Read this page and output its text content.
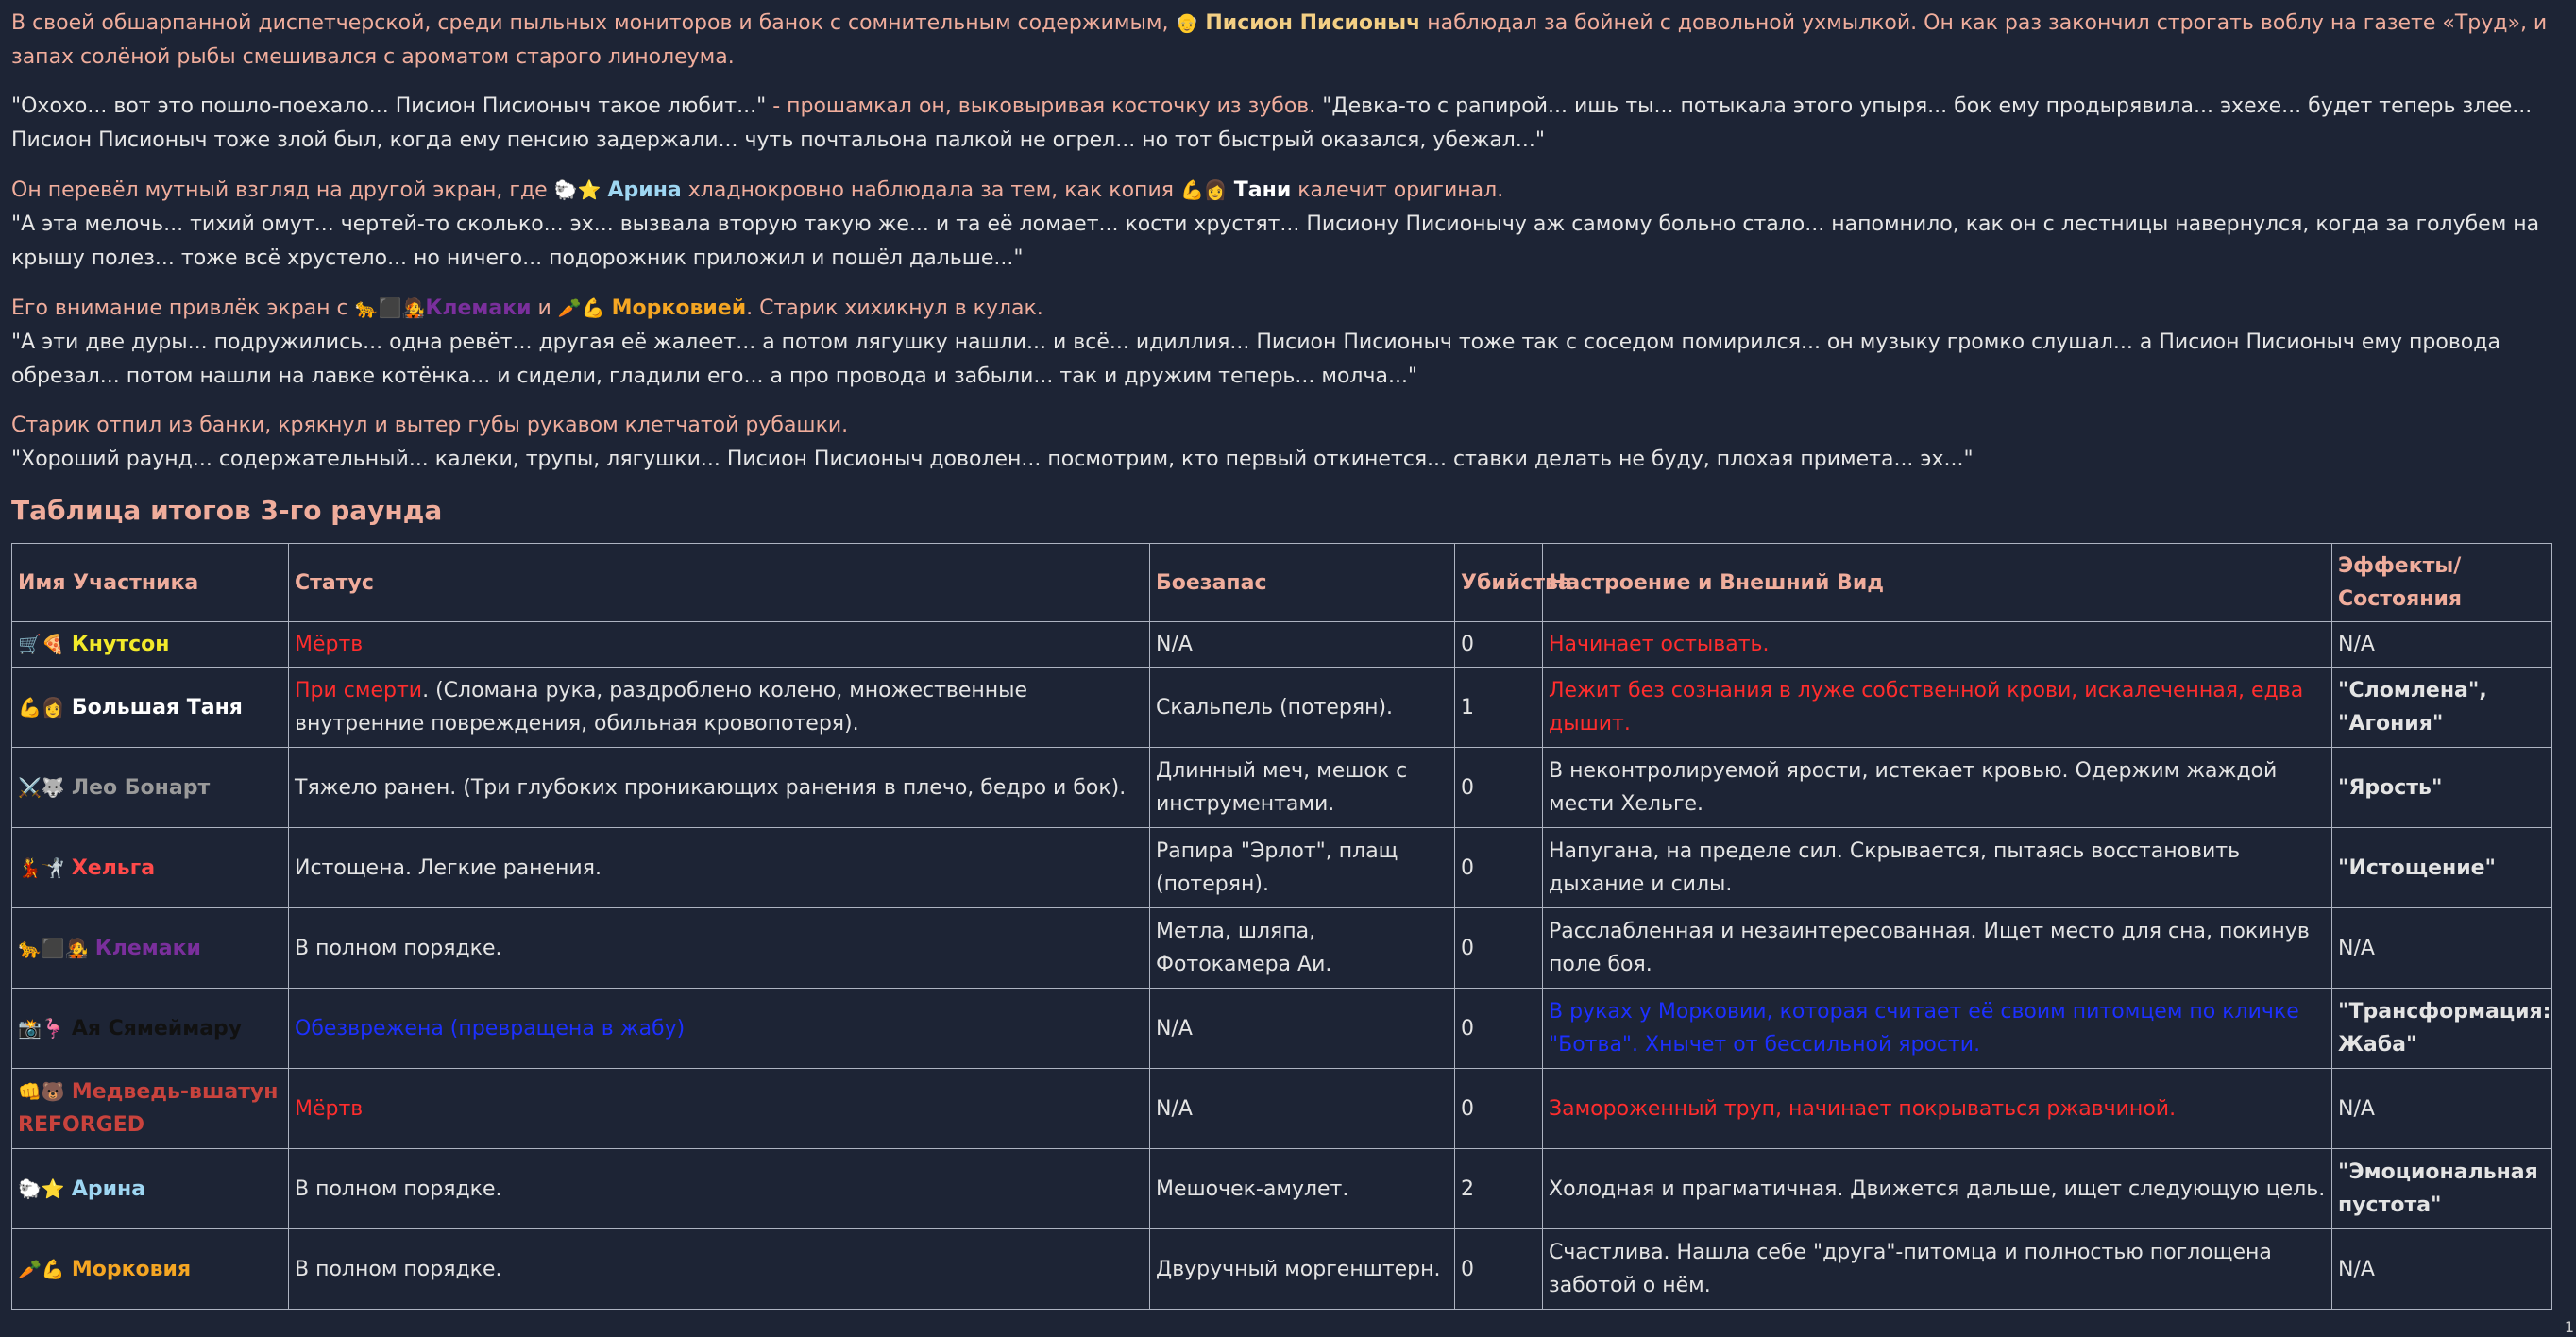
В своей обшарпанной диспетчерской, среди пыльных мониторов и банок с сомнительным содержимым, 👴 Писион Писионыч наблюдал за бойней с довольной ухмылкой. Он как раз закончил строгать воблу на газете «Труд», и запах солёной рыбы смешивался с ароматом старого линолеума.

"Охохо... вот это пошло-поехало... Писион Писионыч такое любит..." - прошамкал он, выковыривая косточку из зубов. "Девка-то с рапирой... ишь ты... потыкала этого упыря... бок ему продырявила... эхехе... будет теперь злее... Писион Писионыч тоже злой был, когда ему пенсию задержали... чуть почтальона палкой не огрел... но тот быстрый оказался, убежал..."

Он перевёл мутный взгляд на другой экран, где 🐑⭐ Арина хладнокровно наблюдала за тем, как копия 💪👩 Тани калечит оригинал.
"А эта мелочь... тихий омут... чертей-то сколько... эх... вызвала вторую такую же... и та её ломает... кости хрустят... Писиону Писионычу аж самому больно стало... напомнило, как он с лестницы навернулся, когда за голубем на крышу полез... тоже всё хрустело... но ничего... подорожник приложил и пошёл дальше..."

Его внимание привлёк экран с 🐆⬛🧑‍🎤Клемаки и 🥕💪 Морковией. Старик хихикнул в кулак.
"А эти две дуры... подружились... одна ревёт... другая её жалеет... а потом лягушку нашли... и всё... идиллия... Писион Писионыч тоже так с соседом помирился... он музыку громко слушал... а Писион Писионыч ему провода обрезал... потом нашли на лавке котёнка... и сидели, гладили его... а про провода и забыли... так и дружим теперь... молча..."

Старик отпил из банки, крякнул и вытер губы рукавом клетчатой рубашки.
"Хороший раунд... содержательный... калеки, трупы, лягушки... Писион Писионыч доволен... посмотрим, кто первый откинется... ставки делать не буду, плохая примета... эх..."

Таблица итогов 3-го раунда
Имя Участника	Статус	Боезапас	Убийства	Настроение и Внешний Вид	Эффекты/Состояния
🛒🍕 Кнутсон	Мёртв	N/A	0	Начинает остывать.	N/A
💪👩 Большая Таня	При смерти. (Сломана рука, раздроблено колено, множественные внутренние повреждения, обильная кровопотеря).	Скальпель (потерян).	1	Лежит без сознания в луже собственной крови, искалеченная, едва дышит.	"Сломлена", "Агония"
⚔️🐺 Лео Бонарт	Тяжело ранен. (Три глубоких проникающих ранения в плечо, бедро и бок).	Длинный меч, мешок с инструментами.	0	В неконтролируемой ярости, истекает кровью. Одержим жаждой мести Хельге.	"Ярость"
💃🤺 Хельга	Истощена. Легкие ранения.	Рапира "Эрлот", плащ (потерян).	0	Напугана, на пределе сил. Скрывается, пытаясь восстановить дыхание и силы.	"Истощение"
🐆⬛🧑‍🎤 Клемаки	В полном порядке.	Метла, шляпа, Фотокамера Аи.	0	Расслабленная и незаинтересованная. Ищет место для сна, покинув поле боя.	N/A
📸🦩 Ая Сямеймару	Обезврежена (превращена в жабу)	N/A	0	В руках у Морковии, которая считает её своим питомцем по кличке "Ботва". Хнычет от бессильной ярости.	"Трансформация: Жаба"
👊🐻 Медведь-вшатун REFORGED	Мёртв	N/A	0	Замороженный труп, начинает покрываться ржавчиной.	N/A
🐑⭐ Арина	В полном порядке.	Мешочек-амулет.	2	Холодная и прагматичная. Движется дальше, ищет следующую цель.	"Эмоциональная пустота"
🥕💪 Морковия	В полном порядке.	Двуручный моргенштерн.	0	Счастлива. Нашла себе "друга"-питомца и полностью поглощена заботой о нём.	N/A
1
